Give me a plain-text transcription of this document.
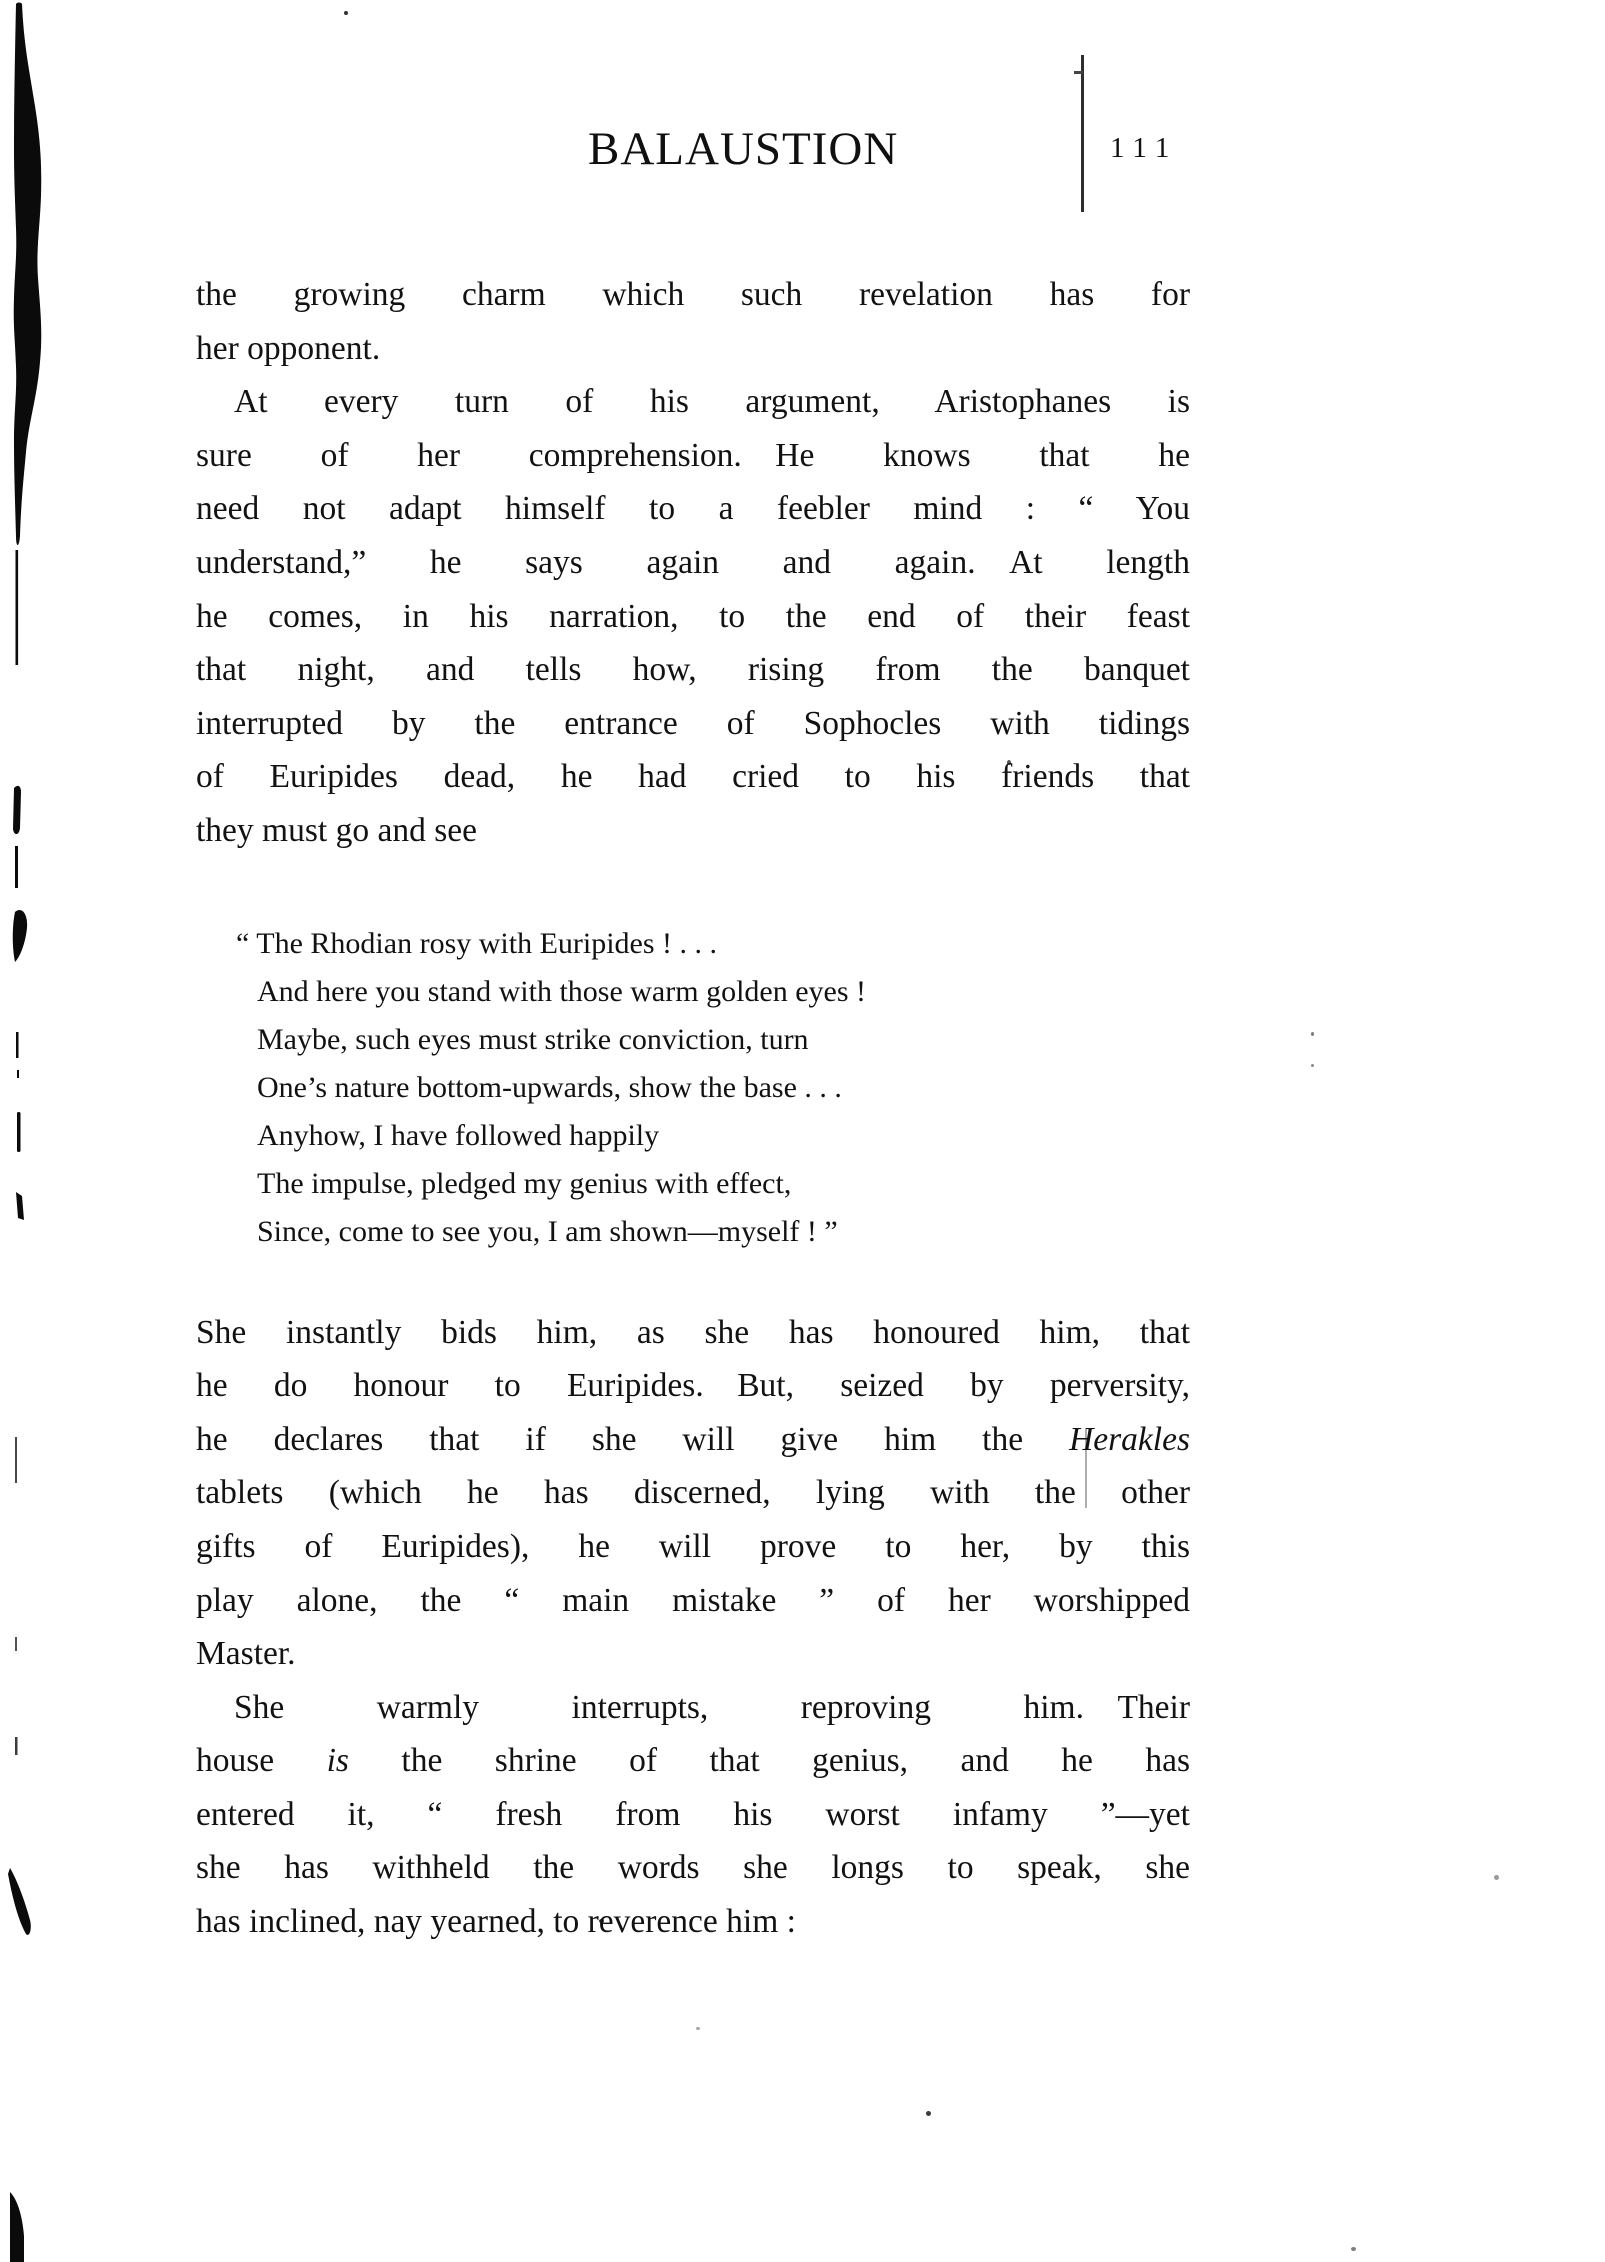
BALAUSTION	111
the growing charm which such revelation has for
her opponent.
At every turn of his argument, Aristophanes is
sure of her comprehension. He knows that he
need not adapt himself to a feebler mind : “ You
understand,” he says again and again. At length
he comes, in his narration, to the end of their feast
that night, and tells how, rising from the banquet
interrupted by the entrance of Sophocles with tidings
of Euripides dead, he had cried to his friends that
they must go and see
“ The Rhodian rosy with Euripides ! . . .
And here you stand with those warm golden eyes !
Maybe, such eyes must strike conviction, turn
One’s nature bottom-upwards, show the base . . .
Anyhow, I have followed happily
The impulse, pledged my genius with effect,
Since, come to see you, I am shown—myself ! ”
She instantly bids him, as she has honoured him, that
he do honour to Euripides. But, seized by perversity,
he declares that if she will give him the Herakles
tablets (which he has discerned, lying with the other
gifts of Euripides), he will prove to her, by this
play alone, the “ main mistake ” of her worshipped
Master.
She warmly interrupts, reproving him. Their
house is the shrine of that genius, and he has
entered it, “ fresh from his worst infamy ”—yet
she has withheld the words she longs to speak, she
has inclined, nay yearned, to reverence him :
